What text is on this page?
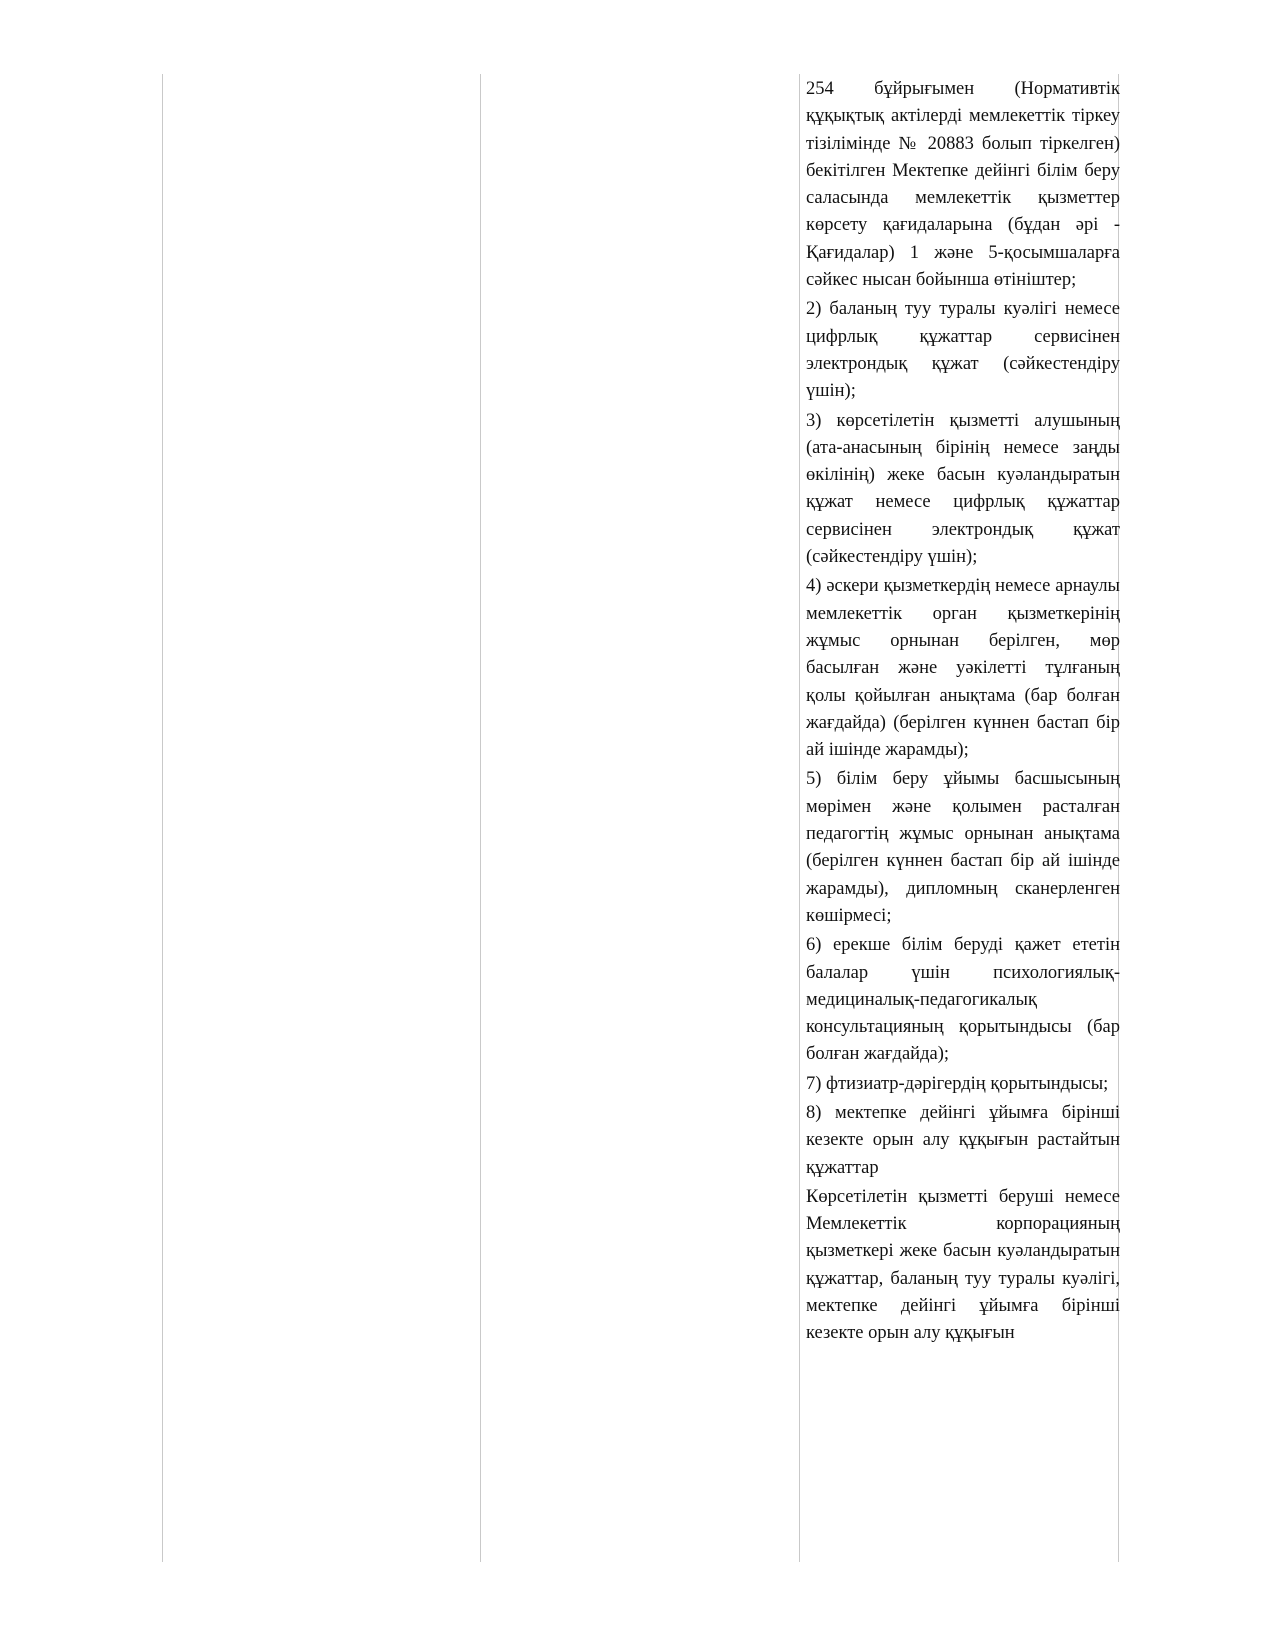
254 бұйрығымен (Нормативтік құқықтық актілерді мемлекеттік тіркеу тізілімінде № 20883 болып тіркелген) бекітілген Мектепке дейінгі білім беру саласында мемлекеттік қызметтер көрсету қағидаларына (бұдан әрі - Қағидалар) 1 және 5-қосымшаларға сәйкес нысан бойынша өтініштер;

2) баланың туу туралы куәлігі немесе цифрлық құжаттар сервисінен электрондық құжат (сәйкестендіру үшін);

3) көрсетілетін қызметті алушының (ата-анасының бірінің немесе заңды өкілінің) жеке басын куәландыратын құжат немесе цифрлық құжаттар сервисінен электрондық құжат (сәйкестендіру үшін);

4) әскери қызметкердің немесе арнаулы мемлекеттік орган қызметкерінің жұмыс орнынан берілген, мөр басылған және уәкілетті тұлғаның қолы қойылған анықтама (бар болған жағдайда) (берілген күннен бастап бір ай ішінде жарамды);

5) білім беру ұйымы басшысының мөрімен және қолымен расталған педагогтің жұмыс орнынан анықтама (берілген күннен бастап бір ай ішінде жарамды), дипломның сканерленген көшірмесі;

6) ерекше білім беруді қажет ететін балалар үшін психологиялық-медициналық-педагогикалық консультацияның қорытындысы (бар болған жағдайда);

7) фтизиатр-дәрігердің қорытындысы;

8) мектепке дейінгі ұйымға бірінші кезекте орын алу құқығын растайтын құжаттар

Көрсетілетін қызметті беруші немесе Мемлекеттік корпорацияның қызметкері жеке басын куәландыратын құжаттар, баланың туу туралы куәлігі, мектепке дейінгі ұйымға бірінші кезекте орын алу құқығын
